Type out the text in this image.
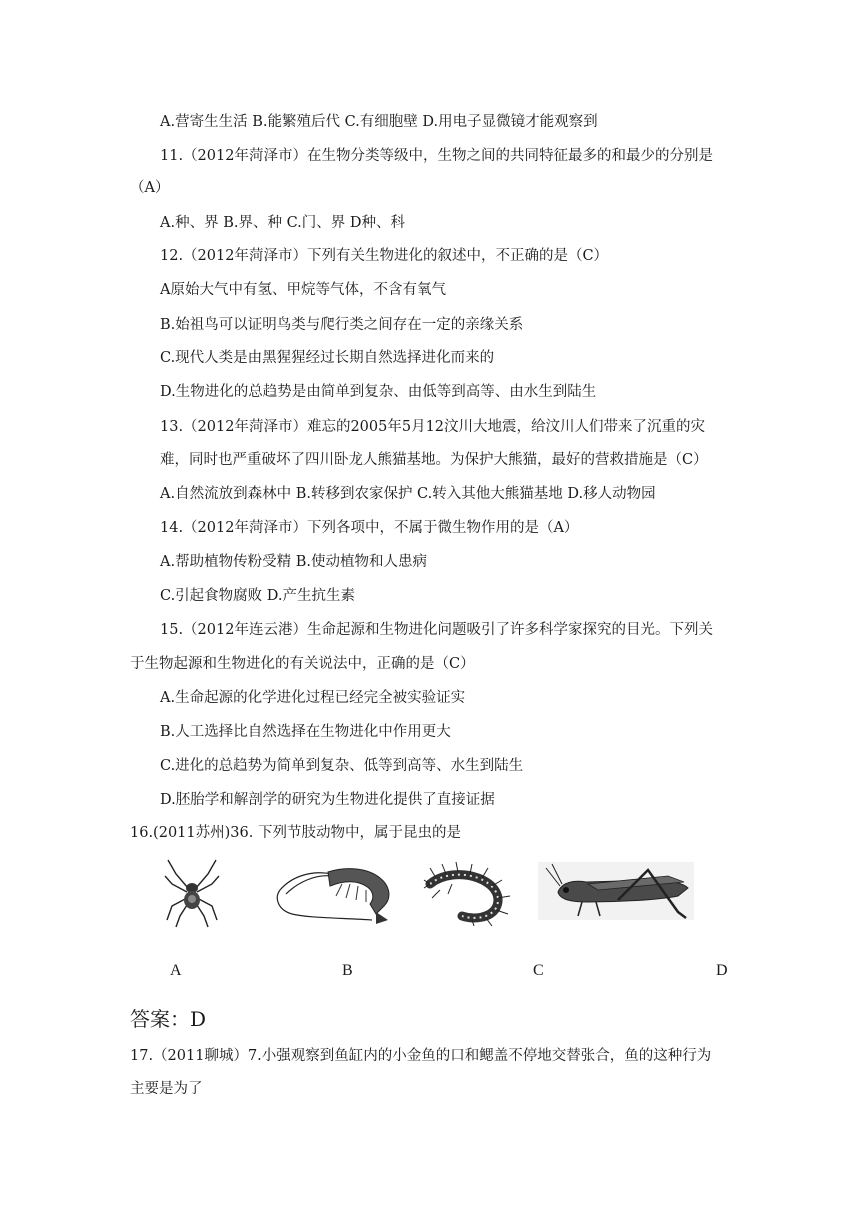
A.营寄生生活 B.能繁殖后代 C.有细胞壁 D.用电子显微镜才能观察到
11.（2012年菏泽市）在生物分类等级中，生物之间的共同特征最多的和最少的分别是
（A）
A.种、界 B.界、种 C.门、界 D种、科
12.（2012年菏泽市）下列有关生物进化的叙述中，不正确的是（C）
A原始大气中有氢、甲烷等气体，不含有氧气
B.始祖鸟可以证明鸟类与爬行类之间存在一定的亲缘关系
C.现代人类是由黑猩猩经过长期自然选择进化而来的
D.生物进化的总趋势是由简单到复杂、由低等到高等、由水生到陆生
13.（2012年菏泽市）难忘的2005年5月12汶川大地震，给汶川人们带来了沉重的灾
难，同时也严重破坏了四川卧龙人熊猫基地。为保护大熊猫，最好的营救措施是（C）
A.自然流放到森林中 B.转移到农家保护 C.转入其他大熊猫基地 D.移人动物园
14.（2012年菏泽市）下列各项中，不属于微生物作用的是（A）
A.帮助植物传粉受精 B.使动植物和人患病
C.引起食物腐败 D.产生抗生素
15.（2012年连云港）生命起源和生物进化问题吸引了许多科学家探究的目光。下列关
于生物起源和生物进化的有关说法中，正确的是（C）
A.生命起源的化学进化过程已经完全被实验证实
B.人工选择比自然选择在生物进化中作用更大
C.进化的总趋势为简单到复杂、低等到高等、水生到陆生
D.胚胎学和解剖学的研究为生物进化提供了直接证据
16.(2011苏州)36. 下列节肢动物中，属于昆虫的是
A	B	C	D
答案：D
17.（2011聊城）7.小强观察到鱼缸内的小金鱼的口和鳃盖不停地交替张合，鱼的这种行为
主要是为了
